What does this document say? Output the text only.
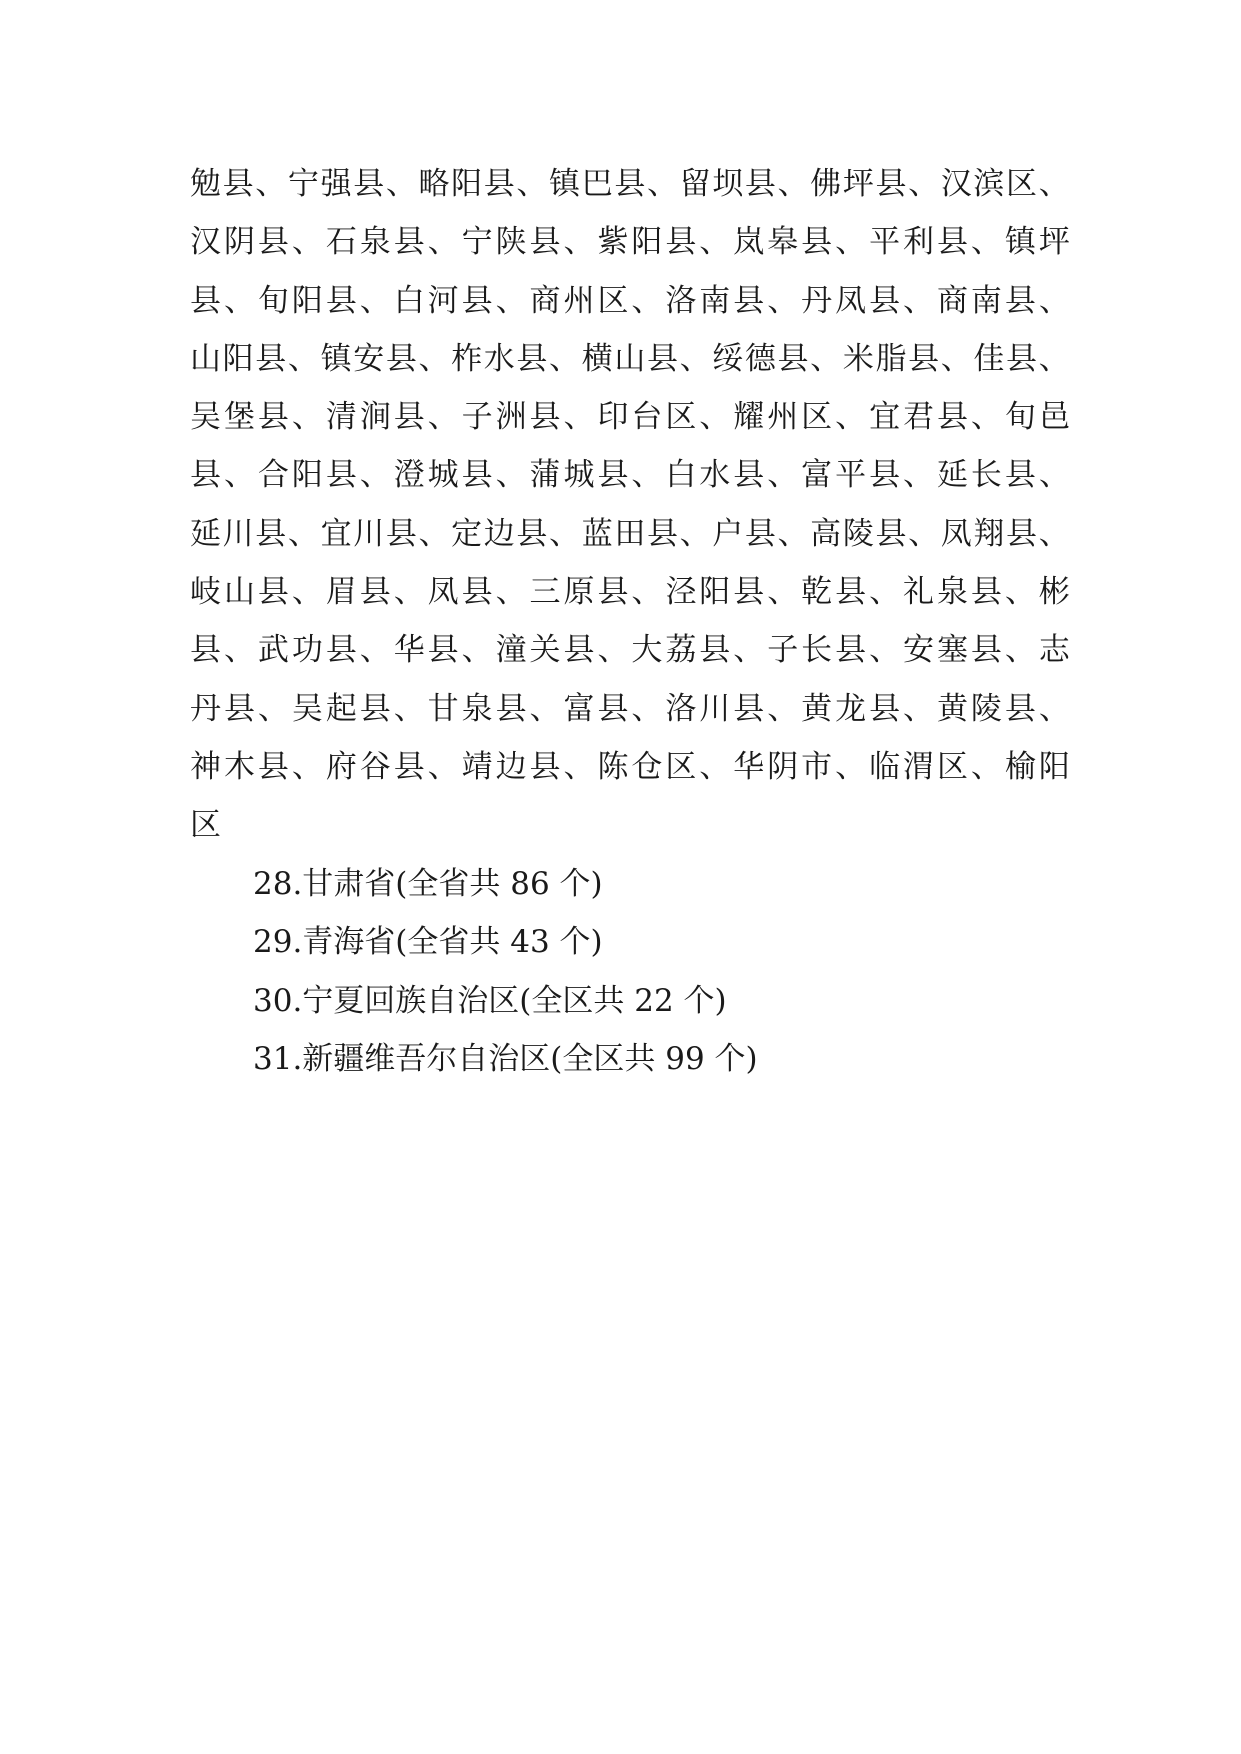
勉 县 、 宁 强 县 、 略 阳 县 、 镇 巴 县 、 留 坝 县 、 佛 坪 县 、 汉 滨 区 、
汉 阴 县 、 石 泉 县 、 宁 陕 县 、 紫 阳 县 、 岚 皋 县 、 平 利 县 、 镇 坪
县 、 旬 阳 县 、 白 河 县 、 商 州 区 、 洛 南 县 、 丹 凤 县 、 商 南 县 、
山 阳 县 、 镇 安 县 、 柞 水 县 、 横 山 县 、 绥 德 县 、 米 脂 县 、 佳 县 、
吴 堡 县 、 清 涧 县 、 子 洲 县 、 印 台 区 、 耀 州 区 、 宜 君 县 、 旬 邑
县 、 合 阳 县 、 澄 城 县 、 蒲 城 县 、 白 水 县 、 富 平 县 、 延 长 县 、
延 川 县 、 宜 川 县 、 定 边 县 、 蓝 田 县 、 户 县 、 高 陵 县 、 凤 翔 县 、
岐 山 县 、 眉 县 、 凤 县 、 三 原 县 、 泾 阳 县 、 乾 县 、 礼 泉 县 、 彬
县 、 武 功 县 、 华 县 、 潼 关 县 、 大 荔 县 、 子 长 县 、 安 塞 县 、 志
丹 县 、 吴 起 县 、 甘 泉 县 、 富 县 、 洛 川 县 、 黄 龙 县 、 黄 陵 县 、
神 木 县 、 府 谷 县 、 靖 边 县 、 陈 仓 区 、 华 阴 市 、 临 渭 区 、 榆 阳
区
28.甘肃省(全省共 86 个)
29.青海省(全省共 43 个)
30.宁夏回族自治区(全区共 22 个)
31.新疆维吾尔自治区(全区共 99 个)
